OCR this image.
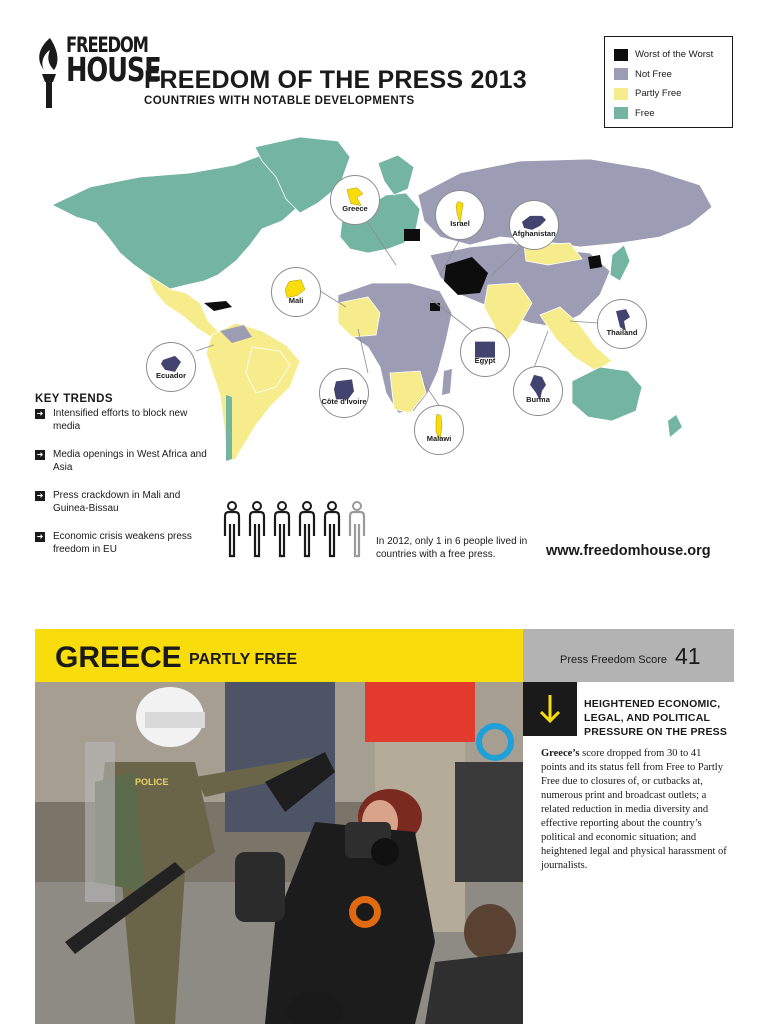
FREEDOM
HOUSE
FREEDOM OF THE PRESS 2013
COUNTRIES WITH NOTABLE DEVELOPMENTS
Worst of the Worst
Not Free
Partly Free
Free
Greece
Israel
Afghanistan
Mali
Thailand
Ecuador
Egypt
Côte d'Ivoire	Burma
Malawi
KEY TRENDS
➜ Intensified efforts to block new media
➜ Media openings in West Africa and Asia
➜ Press crackdown in Mali and Guinea-Bissau
➜ Economic crisis weakens press freedom in EU
In 2012, only 1 in 6 people lived in countries with a free press.	www.freedomhouse.org
GREECE PARTLY FREE	Press Freedom Score 41
POLICE
HEIGHTENED ECONOMIC, LEGAL, AND POLITICAL PRESSURE ON THE PRESS
Greece’s score dropped from 30 to 41 points and its status fell from Free to Partly Free due to closures of, or cutbacks at, numerous print and broadcast outlets; a related reduction in media diversity and effective reporting about the country’s political and economic situation; and heightened legal and physical harassment of journalists.
